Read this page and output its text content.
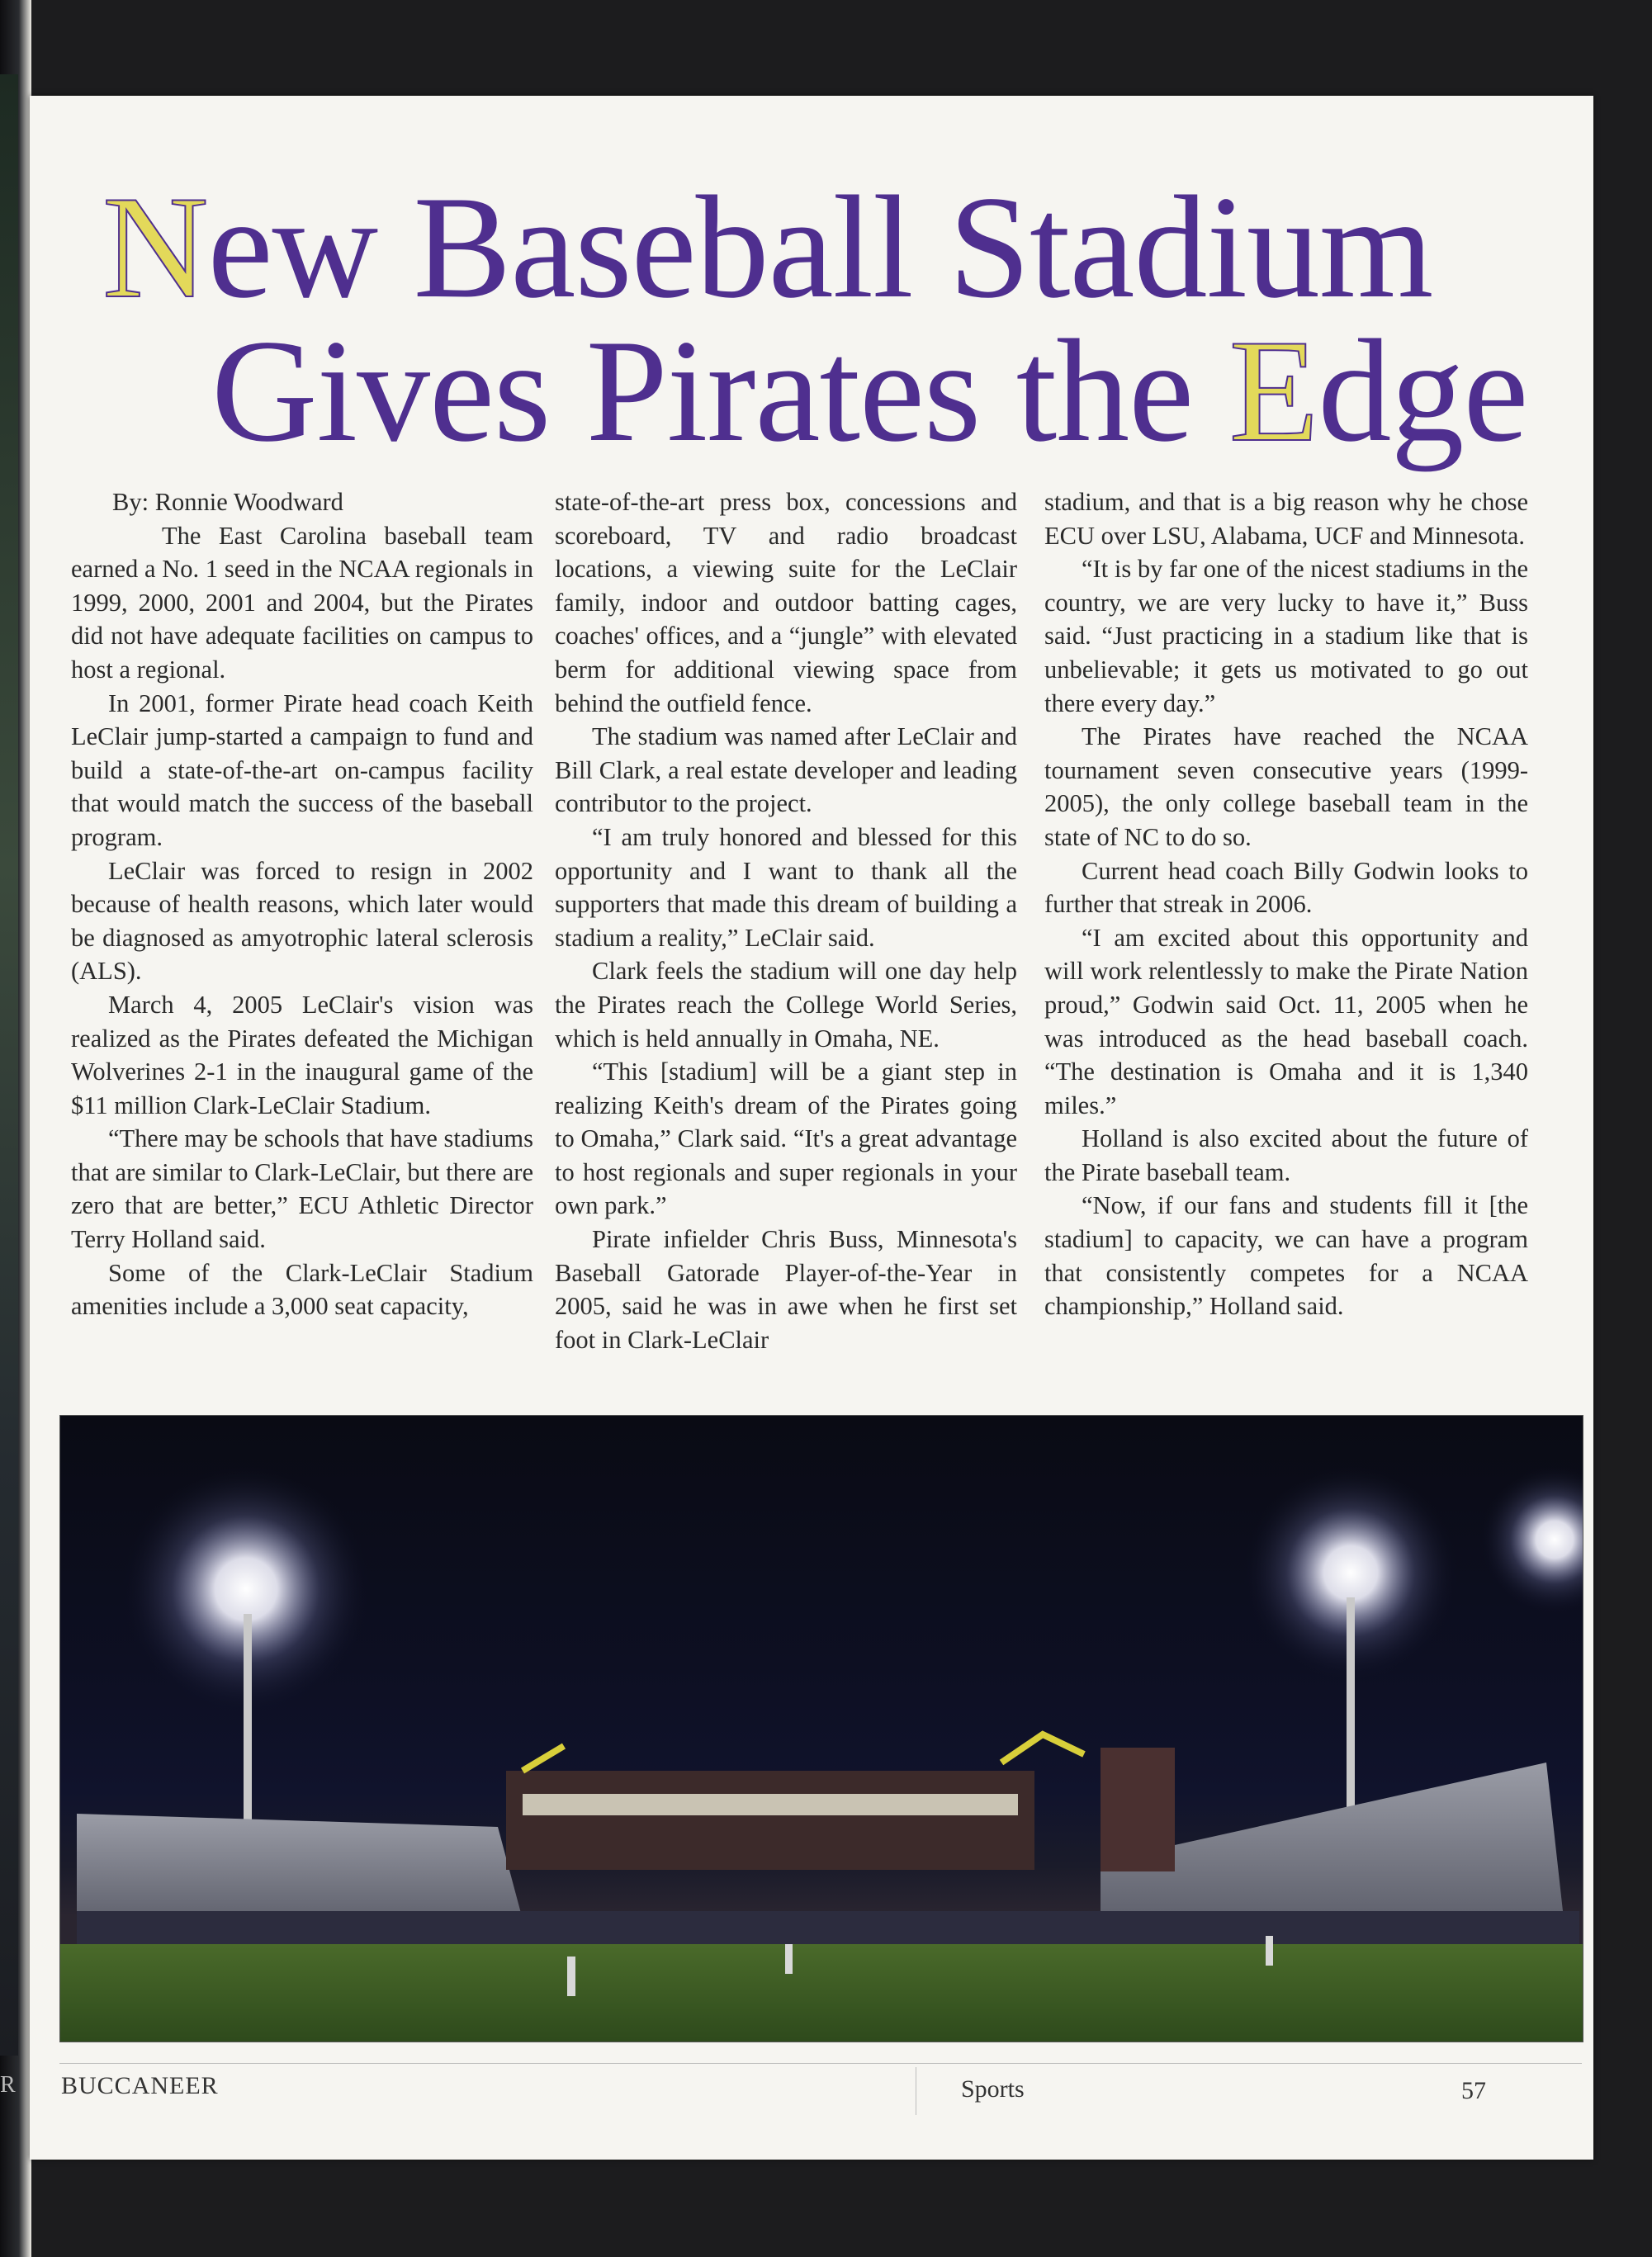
R
New Baseball Stadium
Gives Pirates the Edge
By: Ronnie Woodward

The East Carolina baseball team earned a No. 1 seed in the NCAA regionals in 1999, 2000, 2001 and 2004, but the Pirates did not have adequate facilities on campus to host a regional.

In 2001, former Pirate head coach Keith LeClair jump-started a campaign to fund and build a state-of-the-art on-campus facility that would match the success of the baseball program.

LeClair was forced to resign in 2002 because of health reasons, which later would be diagnosed as amyotrophic lateral sclerosis (ALS).

March 4, 2005 LeClair's vision was realized as the Pirates defeated the Michigan Wolverines 2-1 in the inaugural game of the $11 million Clark-LeClair Stadium.

“There may be schools that have stadiums that are similar to Clark-LeClair, but there are zero that are better,” ECU Athletic Director Terry Holland said.

Some of the Clark-LeClair Stadium amenities include a 3,000 seat capacity,

state-of-the-art press box, concessions and scoreboard, TV and radio broadcast locations, a viewing suite for the LeClair family, indoor and outdoor batting cages, coaches' offices, and a “jungle” with elevated berm for additional viewing space from behind the outfield fence.

The stadium was named after LeClair and Bill Clark, a real estate developer and leading contributor to the project.

“I am truly honored and blessed for this opportunity and I want to thank all the supporters that made this dream of building a stadium a reality,” LeClair said.

Clark feels the stadium will one day help the Pirates reach the College World Series, which is held annually in Omaha, NE.

“This [stadium] will be a giant step in realizing Keith's dream of the Pirates going to Omaha,” Clark said. “It's a great advantage to host regionals and super regionals in your own park.”

Pirate infielder Chris Buss, Minnesota's Baseball Gatorade Player-of-the-Year in 2005, said he was in awe when he first set foot in Clark-LeClair

stadium, and that is a big reason why he chose ECU over LSU, Alabama, UCF and Minnesota.

“It is by far one of the nicest stadiums in the country, we are very lucky to have it,” Buss said. “Just practicing in a stadium like that is unbelievable; it gets us motivated to go out there every day.”

The Pirates have reached the NCAA tournament seven consecutive years (1999-2005), the only college baseball team in the state of NC to do so.

Current head coach Billy Godwin looks to further that streak in 2006.

“I am excited about this opportunity and will work relentlessly to make the Pirate Nation proud,” Godwin said Oct. 11, 2005 when he was introduced as the head baseball coach. “The destination is Omaha and it is 1,340 miles.”

Holland is also excited about the future of the Pirate baseball team.

“Now, if our fans and students fill it [the stadium] to capacity, we can have a program that consistently competes for a NCAA championship,” Holland said.

BUCCANEER	Sports	57
